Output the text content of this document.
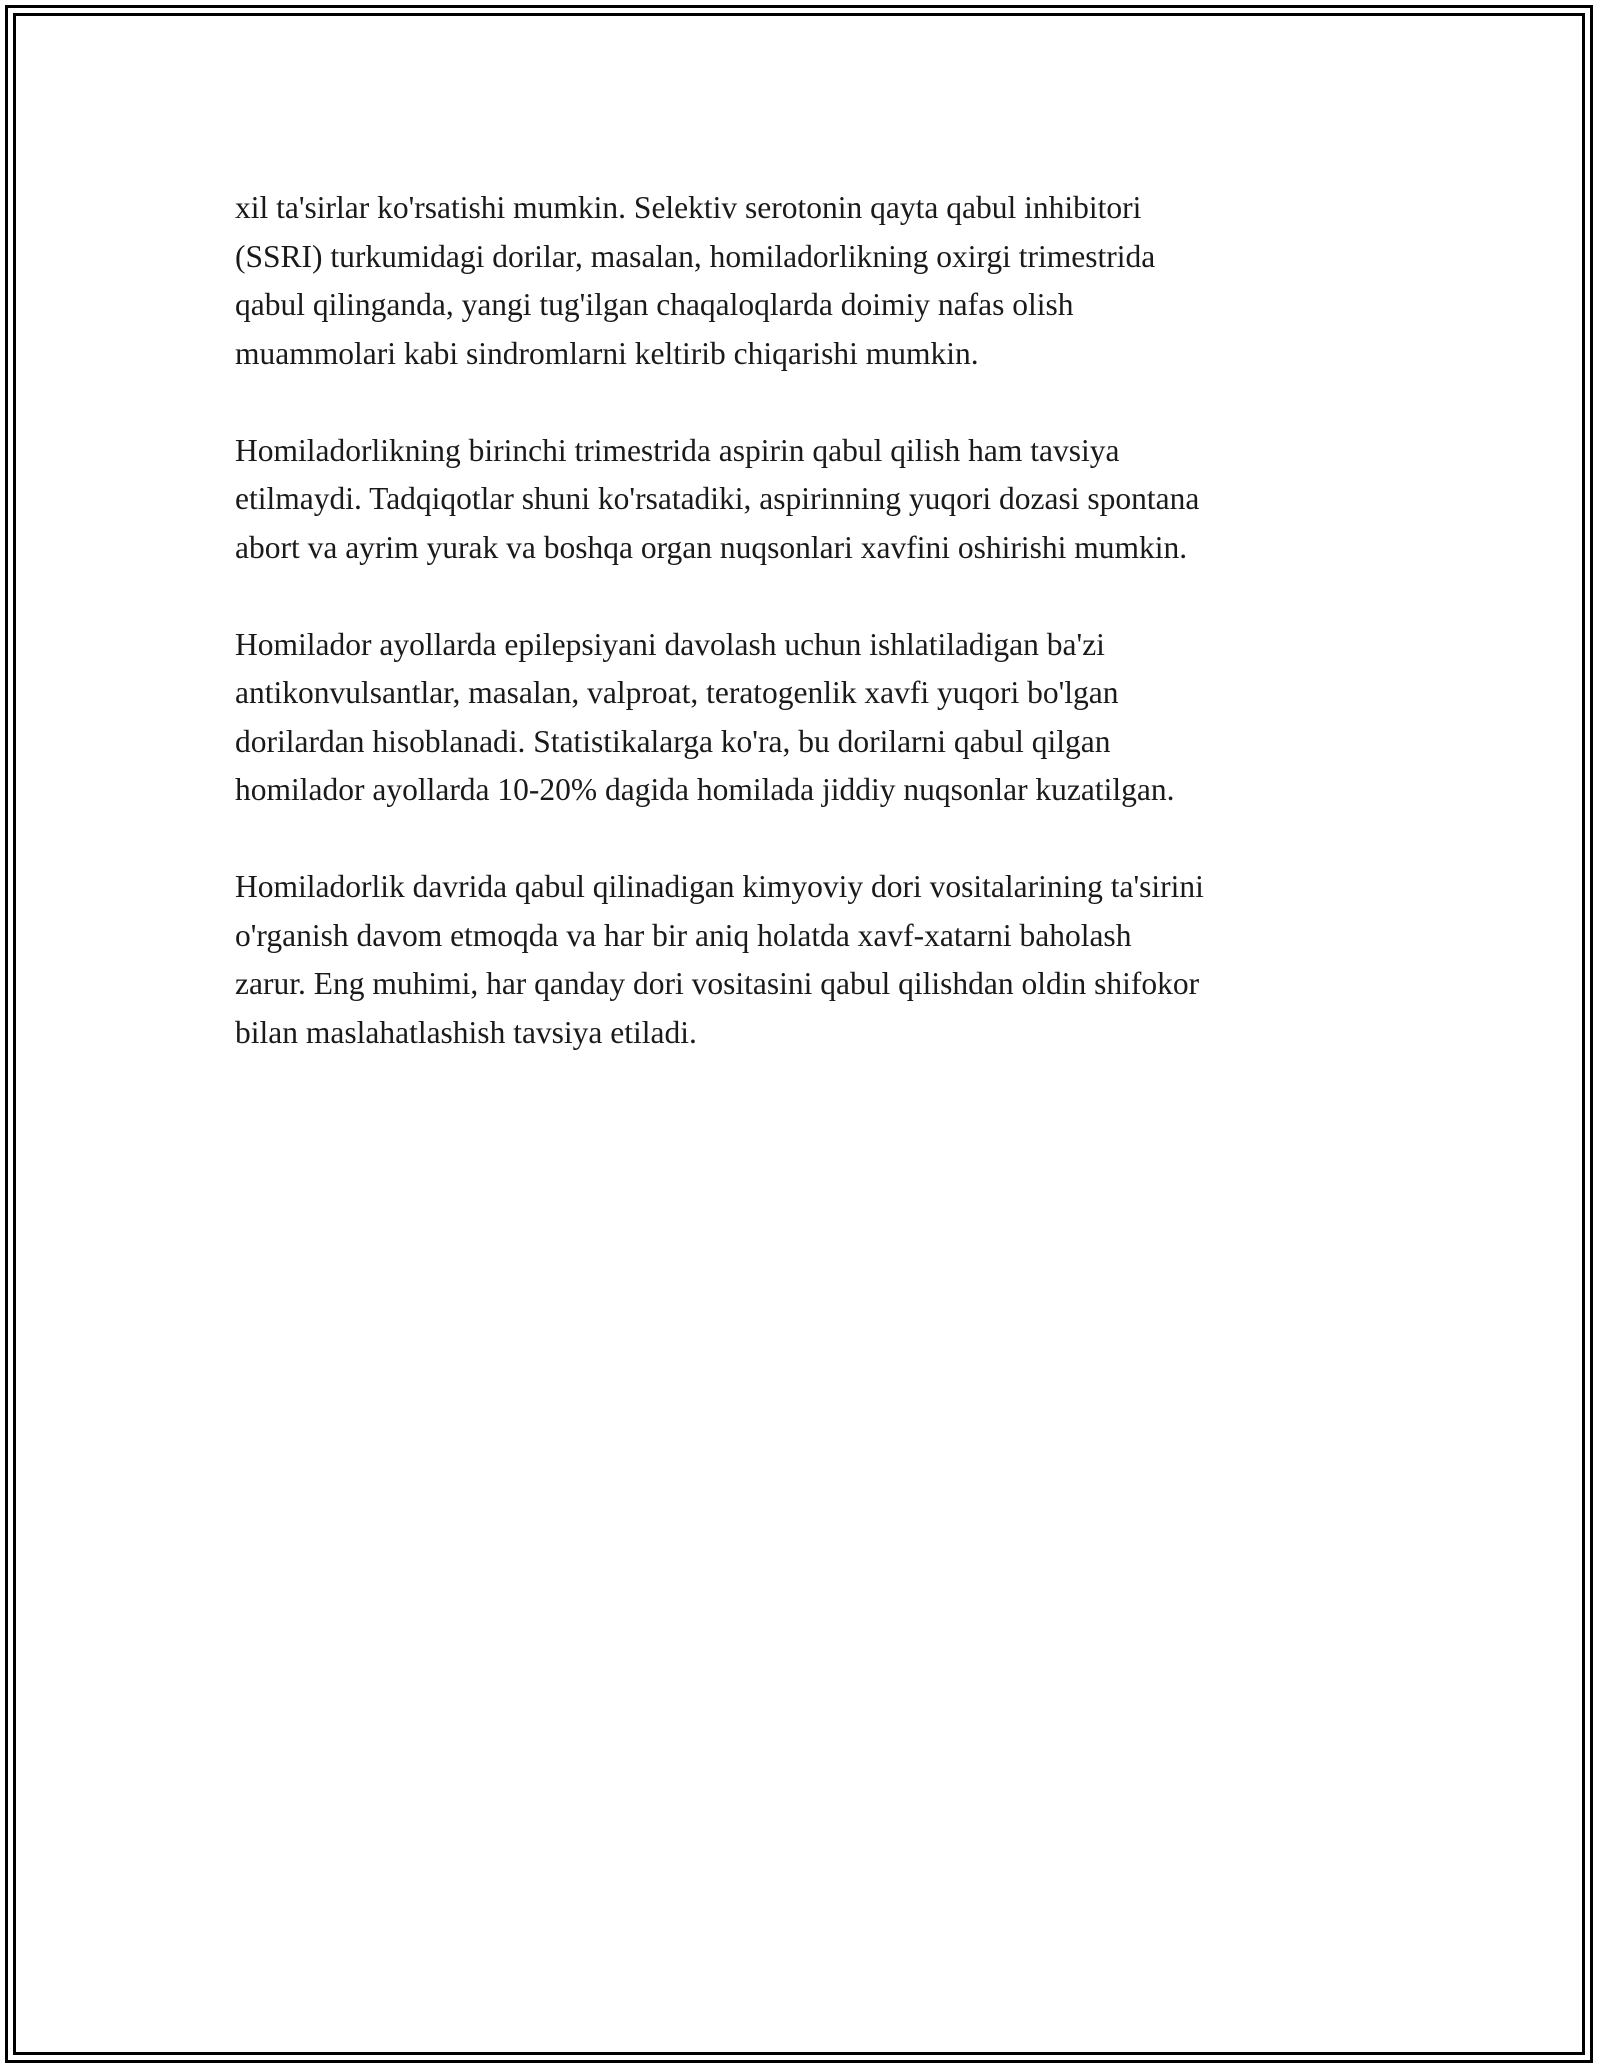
xil ta'sirlar ko'rsatishi mumkin. Selektiv serotonin qayta qabul inhibitori
(SSRI) turkumidagi dorilar, masalan, homiladorlikning oxirgi trimestrida
qabul qilinganda, yangi tug'ilgan chaqaloqlarda doimiy nafas olish
muammolari kabi sindromlarni keltirib chiqarishi mumkin.

Homiladorlikning birinchi trimestrida aspirin qabul qilish ham tavsiya
etilmaydi. Tadqiqotlar shuni ko'rsatadiki, aspirinning yuqori dozasi spontana
abort va ayrim yurak va boshqa organ nuqsonlari xavfini oshirishi mumkin.

Homilador ayollarda epilepsiyani davolash uchun ishlatiladigan ba'zi
antikonvulsantlar, masalan, valproat, teratogenlik xavfi yuqori bo'lgan
dorilardan hisoblanadi. Statistikalarga ko'ra, bu dorilarni qabul qilgan
homilador ayollarda 10-20% dagida homilada jiddiy nuqsonlar kuzatilgan.

Homiladorlik davrida qabul qilinadigan kimyoviy dori vositalarining ta'sirini
o'rganish davom etmoqda va har bir aniq holatda xavf-xatarni baholash
zarur. Eng muhimi, har qanday dori vositasini qabul qilishdan oldin shifokor
bilan maslahatlashish tavsiya etiladi.
